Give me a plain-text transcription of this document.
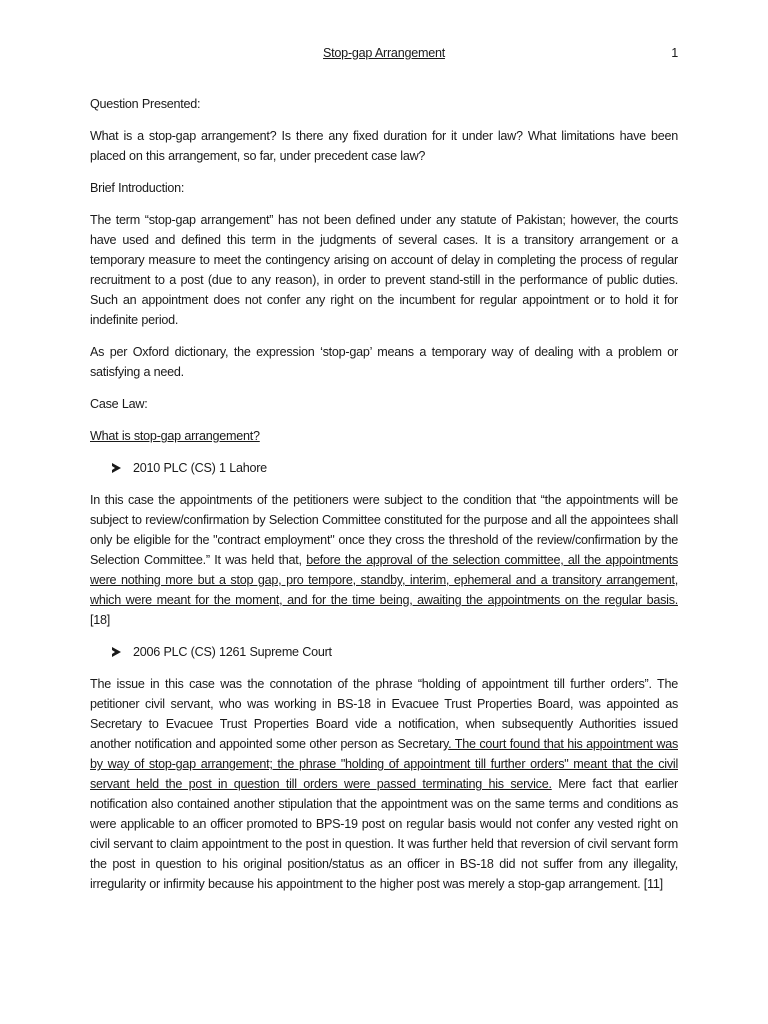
Stop-gap Arrangement	1

Question Presented:

What is a stop-gap arrangement? Is there any fixed duration for it under law? What limitations have been placed on this arrangement, so far, under precedent case law?

Brief Introduction:

The term “stop-gap arrangement” has not been defined under any statute of Pakistan; however, the courts have used and defined this term in the judgments of several cases. It is a transitory arrangement or a temporary measure to meet the contingency arising on account of delay in completing the process of regular recruitment to a post (due to any reason), in order to prevent stand-still in the performance of public duties. Such an appointment does not confer any right on the incumbent for regular appointment or to hold it for indefinite period.

As per Oxford dictionary, the expression ‘stop-gap’ means a temporary way of dealing with a problem or satisfying a need.

Case Law:

What is stop-gap arrangement?

2010 PLC (CS) 1 Lahore

In this case the appointments of the petitioners were subject to the condition that “the appointments will be subject to review/confirmation by Selection Committee constituted for the purpose and all the appointees shall only be eligible for the "contract employment" once they cross the threshold of the review/confirmation by the Selection Committee.” It was held that, before the approval of the selection committee, all the appointments were nothing more but a stop gap, pro tempore, standby, interim, ephemeral and a transitory arrangement, which were meant for the moment, and for the time being, awaiting the appointments on the regular basis. [18]

2006 PLC (CS) 1261 Supreme Court

The issue in this case was the connotation of the phrase “holding of appointment till further orders”. The petitioner civil servant, who was working in BS-18 in Evacuee Trust Properties Board, was appointed as Secretary to Evacuee Trust Properties Board vide a notification, when subsequently Authorities issued another notification and appointed some other person as Secretary. The court found that his appointment was by way of stop-gap arrangement; the phrase "holding of appointment till further orders" meant that the civil servant held the post in question till orders were passed terminating his service. Mere fact that earlier notification also contained another stipulation that the appointment was on the same terms and conditions as were applicable to an officer promoted to BPS-19 post on regular basis would not confer any vested right on civil servant to claim appointment to the post in question. It was further held that reversion of civil servant form the post in question to his original position/status as an officer in BS-18 did not suffer from any illegality, irregularity or infirmity because his appointment to the higher post was merely a stop-gap arrangement. [11]
